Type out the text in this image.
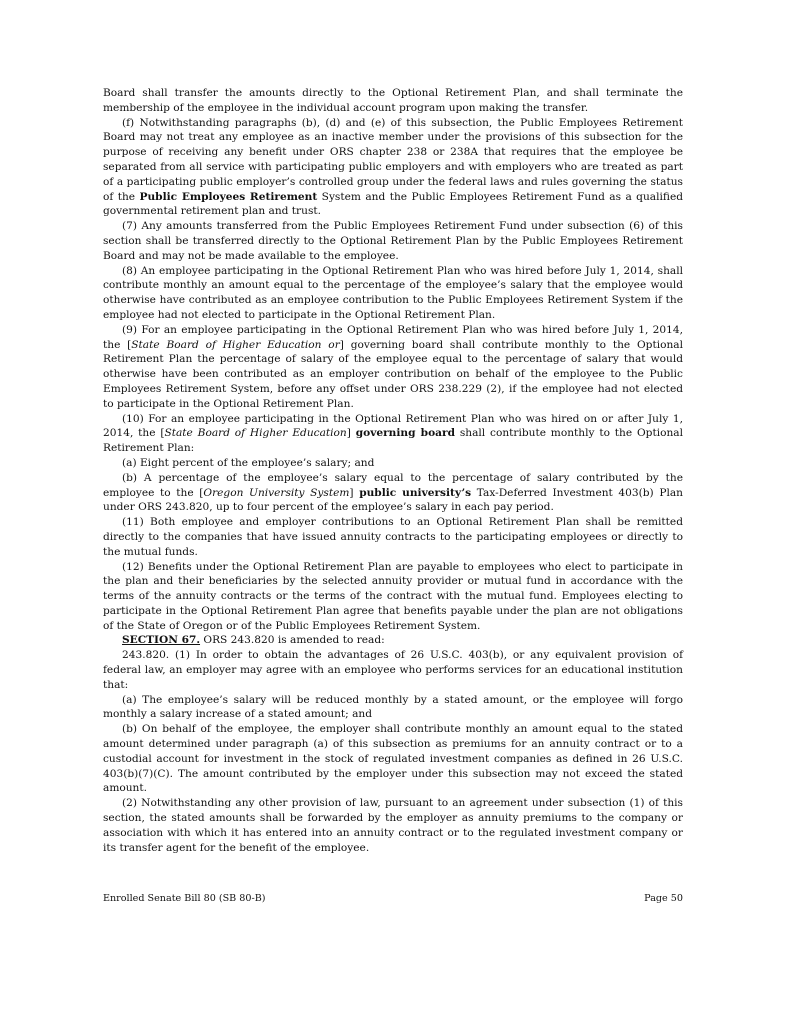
Board shall transfer the amounts directly to the Optional Retirement Plan, and shall terminate the membership of the employee in the individual account program upon making the transfer.

(f) Notwithstanding paragraphs (b), (d) and (e) of this subsection, the Public Employees Retirement Board may not treat any employee as an inactive member under the provisions of this subsection for the purpose of receiving any benefit under ORS chapter 238 or 238A that requires that the employee be separated from all service with participating public employers and with employers who are treated as part of a participating public employer’s controlled group under the federal laws and rules governing the status of the Public Employees Retirement System and the Public Employees Retirement Fund as a qualified governmental retirement plan and trust.

(7) Any amounts transferred from the Public Employees Retirement Fund under subsection (6) of this section shall be transferred directly to the Optional Retirement Plan by the Public Employees Retirement Board and may not be made available to the employee.

(8) An employee participating in the Optional Retirement Plan who was hired before July 1, 2014, shall contribute monthly an amount equal to the percentage of the employee’s salary that the employee would otherwise have contributed as an employee contribution to the Public Employees Retirement System if the employee had not elected to participate in the Optional Retirement Plan.

(9) For an employee participating in the Optional Retirement Plan who was hired before July 1, 2014, the [State Board of Higher Education or] governing board shall contribute monthly to the Optional Retirement Plan the percentage of salary of the employee equal to the percentage of salary that would otherwise have been contributed as an employer contribution on behalf of the employee to the Public Employees Retirement System, before any offset under ORS 238.229 (2), if the employee had not elected to participate in the Optional Retirement Plan.

(10) For an employee participating in the Optional Retirement Plan who was hired on or after July 1, 2014, the [State Board of Higher Education] governing board shall contribute monthly to the Optional Retirement Plan:

(a) Eight percent of the employee’s salary; and

(b) A percentage of the employee’s salary equal to the percentage of salary contributed by the employee to the [Oregon University System] public university’s Tax-Deferred Investment 403(b) Plan under ORS 243.820, up to four percent of the employee’s salary in each pay period.

(11) Both employee and employer contributions to an Optional Retirement Plan shall be remitted directly to the companies that have issued annuity contracts to the participating employees or directly to the mutual funds.

(12) Benefits under the Optional Retirement Plan are payable to employees who elect to participate in the plan and their beneficiaries by the selected annuity provider or mutual fund in accordance with the terms of the annuity contracts or the terms of the contract with the mutual fund. Employees electing to participate in the Optional Retirement Plan agree that benefits payable under the plan are not obligations of the State of Oregon or of the Public Employees Retirement System.

SECTION 67. ORS 243.820 is amended to read:

243.820. (1) In order to obtain the advantages of 26 U.S.C. 403(b), or any equivalent provision of federal law, an employer may agree with an employee who performs services for an educational institution that:

(a) The employee’s salary will be reduced monthly by a stated amount, or the employee will forgo monthly a salary increase of a stated amount; and

(b) On behalf of the employee, the employer shall contribute monthly an amount equal to the stated amount determined under paragraph (a) of this subsection as premiums for an annuity contract or to a custodial account for investment in the stock of regulated investment companies as defined in 26 U.S.C. 403(b)(7)(C). The amount contributed by the employer under this subsection may not exceed the stated amount.

(2) Notwithstanding any other provision of law, pursuant to an agreement under subsection (1) of this section, the stated amounts shall be forwarded by the employer as annuity premiums to the company or association with which it has entered into an annuity contract or to the regulated investment company or its transfer agent for the benefit of the employee.

Enrolled Senate Bill 80 (SB 80-B)	Page 50
